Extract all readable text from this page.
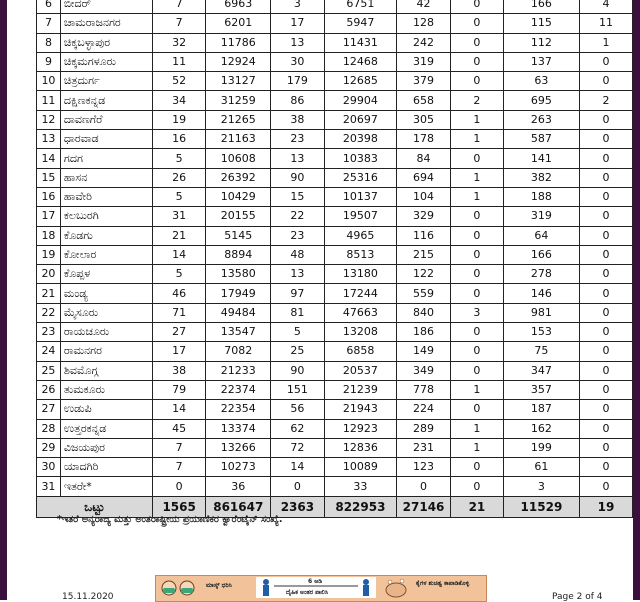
6	ಬೀದರ್	7	6963	3	6751	42	0	166	4
7	ಚಾಮರಾಜನಗರ	7	6201	17	5947	128	0	115	11
8	ಚಿಕ್ಕಬಳ್ಳಾಪುರ	32	11786	13	11431	242	0	112	1
9	ಚಿಕ್ಕಮಗಳೂರು	11	12924	30	12468	319	0	137	0
10	ಚಿತ್ರದುರ್ಗ	52	13127	179	12685	379	0	63	0
11	ದಕ್ಷಿಣಕನ್ನಡ	34	31259	86	29904	658	2	695	2
12	ದಾವಣಗೆರೆ	19	21265	38	20697	305	1	263	0
13	ಧಾರವಾಡ	16	21163	23	20398	178	1	587	0
14	ಗದಗ	5	10608	13	10383	84	0	141	0
15	ಹಾಸನ	26	26392	90	25316	694	1	382	0
16	ಹಾವೇರಿ	5	10429	15	10137	104	1	188	0
17	ಕಲಬುರಗಿ	31	20155	22	19507	329	0	319	0
18	ಕೊಡಗು	21	5145	23	4965	116	0	64	0
19	ಕೋಲಾರ	14	8894	48	8513	215	0	166	0
20	ಕೊಪ್ಪಳ	5	13580	13	13180	122	0	278	0
21	ಮಂಡ್ಯ	46	17949	97	17244	559	0	146	0
22	ಮೈಸೂರು	71	49484	81	47663	840	3	981	0
23	ರಾಯಚೂರು	27	13547	5	13208	186	0	153	0
24	ರಾಮನಗರ	17	7082	25	6858	149	0	75	0
25	ಶಿವಮೊಗ್ಗ	38	21233	90	20537	349	0	347	0
26	ತುಮಕೂರು	79	22374	151	21239	778	1	357	0
27	ಉಡುಪಿ	14	22354	56	21943	224	0	187	0
28	ಉತ್ತರಕನ್ನಡ	45	13374	62	12923	289	1	162	0
29	ವಿಜಯಪುರ	7	13266	72	12836	231	1	199	0
30	ಯಾದಗಿರಿ	7	10273	14	10089	123	0	61	0
31	ಇತರೇ*	0	36	0	33	0	0	3	0
ಒಟ್ಟು		1565	861647	2363	822953	27146	21	11529	19
*ಇತರೆ ಅನ್ಯರಾಜ್ಯ ಮತ್ತು ಅಂತರಾಷ್ಟ್ರೀಯ ಪ್ರಯಾಣಿಕರ ಕ್ವಾರೆಂಟೈನ್ ಸಂಖ್ಯೆ.
ಮಾಸ್ಕ್ ಧರಿಸಿ
6 ಅಡಿ
ದೈಹಿಕ ಅಂತರ ಪಾಲಿಸಿ
ಕೈಗಳ ಶುಚಿತ್ವ ಕಾಪಾಡಿಕೊಳ್ಳಿ
15.11.2020	Page 2 of 4
